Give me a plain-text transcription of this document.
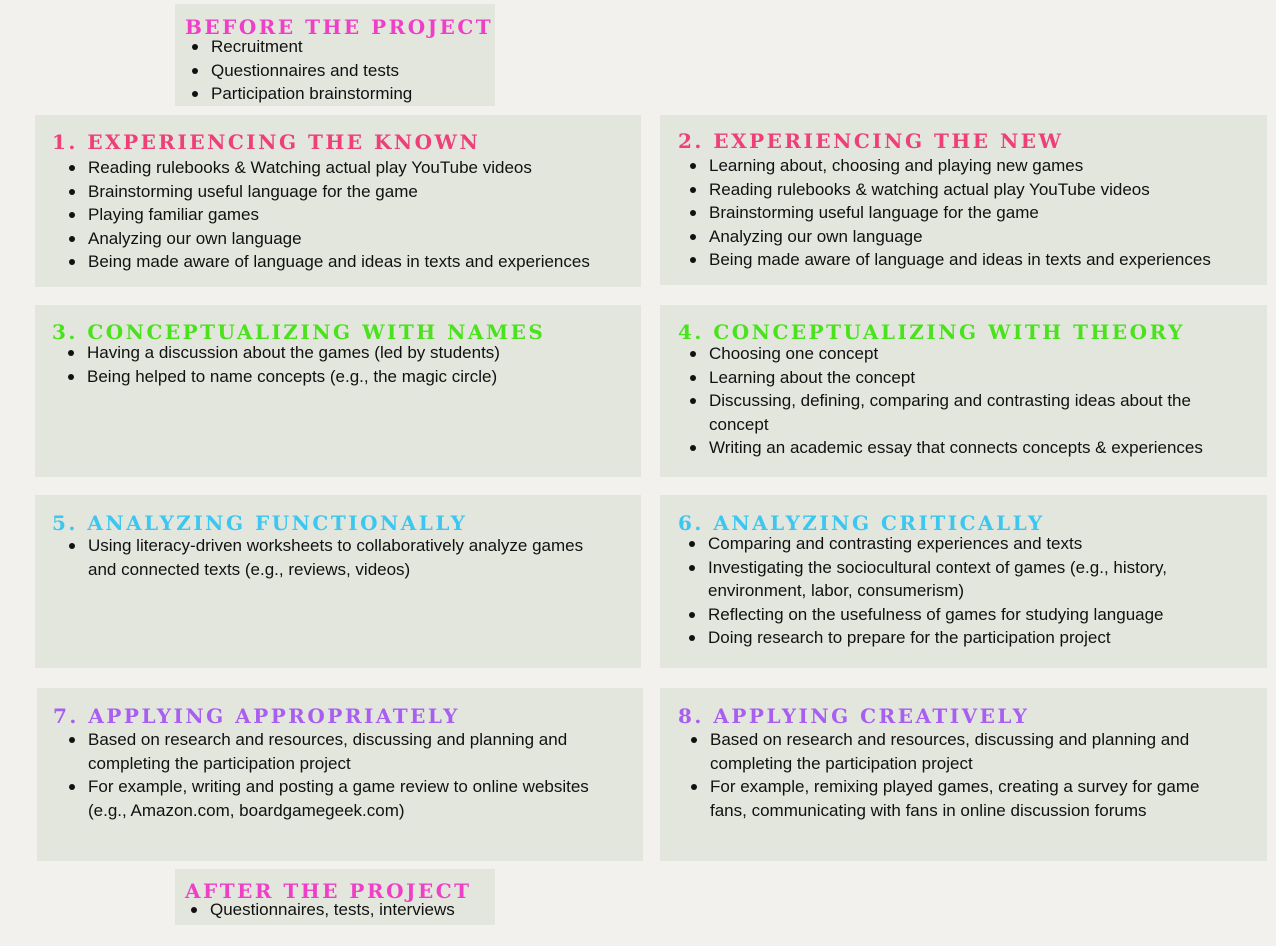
BEFORE THE PROJECT
Recruitment
Questionnaires and tests
Participation brainstorming
1. EXPERIENCING THE KNOWN
Reading rulebooks & Watching actual play YouTube videos
Brainstorming useful language for the game
Playing familiar games
Analyzing our own language
Being made aware of language and ideas in texts and experiences
2. EXPERIENCING THE NEW
Learning about, choosing and playing new games
Reading rulebooks & watching actual play YouTube videos
Brainstorming useful language for the game
Analyzing our own language
Being made aware of language and ideas in texts and experiences
3. CONCEPTUALIZING WITH NAMES
Having a discussion about the games (led by students)
Being helped to name concepts (e.g., the magic circle)
4. CONCEPTUALIZING WITH THEORY
Choosing one concept
Learning about the concept
Discussing, defining, comparing and contrasting ideas about the concept
Writing an academic essay that connects concepts & experiences
5. ANALYZING FUNCTIONALLY
Using literacy-driven worksheets to collaboratively analyze games and connected texts (e.g., reviews, videos)
6. ANALYZING CRITICALLY
Comparing and contrasting experiences and texts
Investigating the sociocultural context of games (e.g., history, environment, labor, consumerism)
Reflecting on the usefulness of games for studying language
Doing research to prepare for the participation project
7. APPLYING APPROPRIATELY
Based on research and resources, discussing and planning and completing the participation project
For example, writing and posting a game review to online websites (e.g., Amazon.com, boardgamegeek.com)
8. APPLYING CREATIVELY
Based on research and resources, discussing and planning and completing the participation project
For example, remixing played games, creating a survey for game fans, communicating with fans in online discussion forums
AFTER THE PROJECT
Questionnaires, tests, interviews
